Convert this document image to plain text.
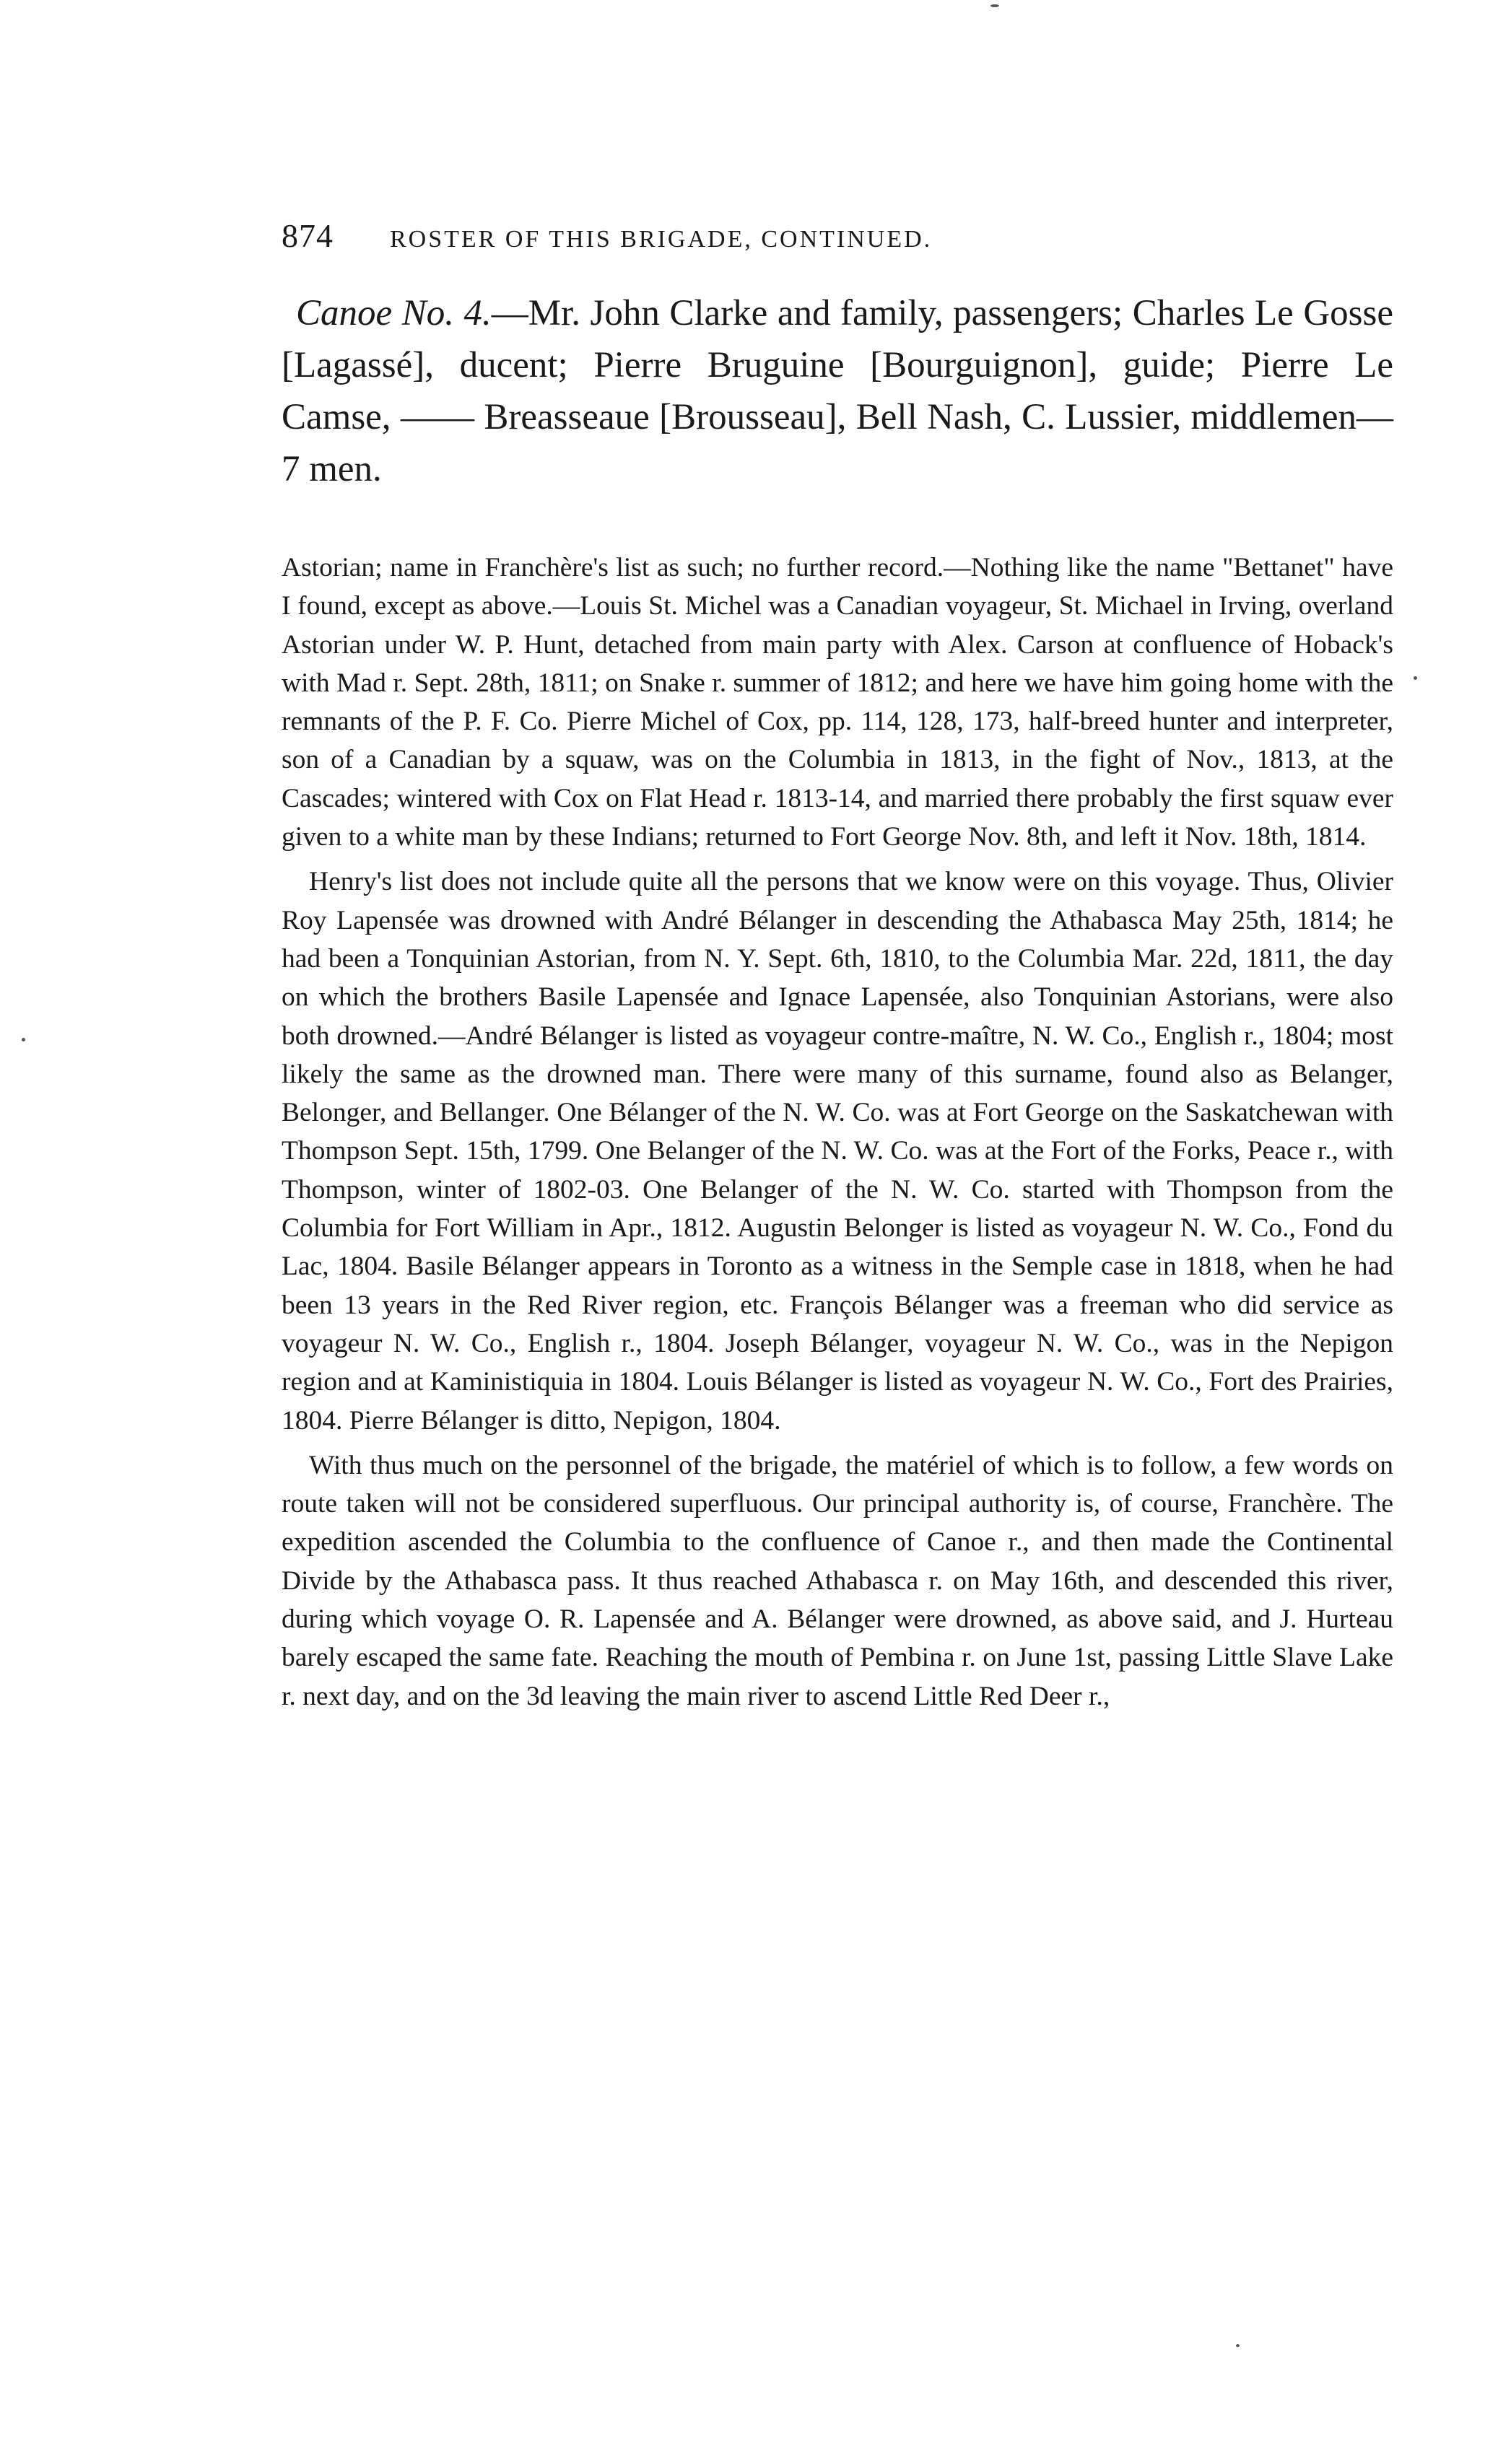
874	ROSTER OF THIS BRIGADE, CONTINUED.

Canoe No. 4.—Mr. John Clarke and family, passengers; Charles Le Gosse [Lagassé], ducent; Pierre Bruguine [Bourguignon], guide; Pierre Le Camse, —— Breasseaue [Brousseau], Bell Nash, C. Lussier, middlemen—7 men.

Astorian; name in Franchère's list as such; no further record.—Nothing like the name "Bettanet" have I found, except as above.—Louis St. Michel was a Canadian voyageur, St. Michael in Irving, overland Astorian under W. P. Hunt, detached from main party with Alex. Carson at confluence of Hoback's with Mad r. Sept. 28th, 1811; on Snake r. summer of 1812; and here we have him going home with the remnants of the P. F. Co. Pierre Michel of Cox, pp. 114, 128, 173, half-breed hunter and interpreter, son of a Canadian by a squaw, was on the Columbia in 1813, in the fight of Nov., 1813, at the Cascades; wintered with Cox on Flat Head r. 1813-14, and married there probably the first squaw ever given to a white man by these Indians; returned to Fort George Nov. 8th, and left it Nov. 18th, 1814.

Henry's list does not include quite all the persons that we know were on this voyage. Thus, Olivier Roy Lapensée was drowned with André Bélanger in descending the Athabasca May 25th, 1814; he had been a Tonquinian Astorian, from N. Y. Sept. 6th, 1810, to the Columbia Mar. 22d, 1811, the day on which the brothers Basile Lapensée and Ignace Lapensée, also Tonquinian Astorians, were also both drowned.—André Bélanger is listed as voyageur contre-maître, N. W. Co., English r., 1804; most likely the same as the drowned man. There were many of this surname, found also as Belanger, Belonger, and Bellanger. One Bélanger of the N. W. Co. was at Fort George on the Saskatchewan with Thompson Sept. 15th, 1799. One Belanger of the N. W. Co. was at the Fort of the Forks, Peace r., with Thompson, winter of 1802-03. One Belanger of the N. W. Co. started with Thompson from the Columbia for Fort William in Apr., 1812. Augustin Belonger is listed as voyageur N. W. Co., Fond du Lac, 1804. Basile Bélanger appears in Toronto as a witness in the Semple case in 1818, when he had been 13 years in the Red River region, etc. François Bélanger was a freeman who did service as voyageur N. W. Co., English r., 1804. Joseph Bélanger, voyageur N. W. Co., was in the Nepigon region and at Kaministiquia in 1804. Louis Bélanger is listed as voyageur N. W. Co., Fort des Prairies, 1804. Pierre Bélanger is ditto, Nepigon, 1804.

With thus much on the personnel of the brigade, the matériel of which is to follow, a few words on route taken will not be considered superfluous. Our principal authority is, of course, Franchère. The expedition ascended the Columbia to the confluence of Canoe r., and then made the Continental Divide by the Athabasca pass. It thus reached Athabasca r. on May 16th, and descended this river, during which voyage O. R. Lapensée and A. Bélanger were drowned, as above said, and J. Hurteau barely escaped the same fate. Reaching the mouth of Pembina r. on June 1st, passing Little Slave Lake r. next day, and on the 3d leaving the main river to ascend Little Red Deer r.,
